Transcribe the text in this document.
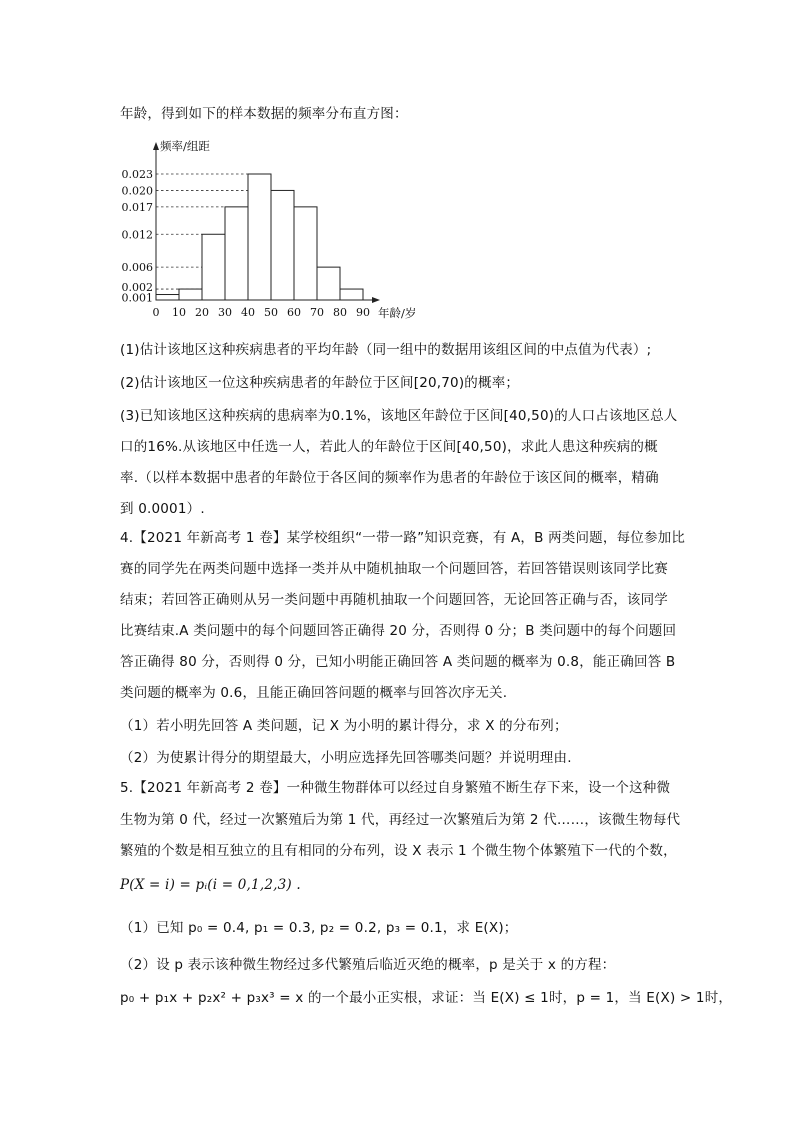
年龄，得到如下的样本数据的频率分布直方图：
0.001
0.002
0.006
0.012
0.017
0.020
0.023
0 10 20 30 40 50 60 70 80 90
频率/组距
年龄/岁
(1)估计该地区这种疾病患者的平均年龄（同一组中的数据用该组区间的中点值为代表）;
(2)估计该地区一位这种疾病患者的年龄位于区间[20,70)的概率；
(3)已知该地区这种疾病的患病率为0.1%，该地区年龄位于区间[40,50)的人口占该地区总人
口的16%.从该地区中任选一人，若此人的年龄位于区间[40,50)，求此人患这种疾病的概
率.（以样本数据中患者的年龄位于各区间的频率作为患者的年龄位于该区间的概率，精确
到 0.0001）.
4.【2021 年新高考 1 卷】某学校组织“一带一路”知识竞赛，有 A，B 两类问题，每位参加比
赛的同学先在两类问题中选择一类并从中随机抽取一个问题回答，若回答错误则该同学比赛
结束；若回答正确则从另一类问题中再随机抽取一个问题回答，无论回答正确与否，该同学
比赛结束.A 类问题中的每个问题回答正确得 20 分，否则得 0 分；B 类问题中的每个问题回
答正确得 80 分，否则得 0 分，已知小明能正确回答 A 类问题的概率为 0.8，能正确回答 B
类问题的概率为 0.6，且能正确回答问题的概率与回答次序无关.
（1）若小明先回答 A 类问题，记 X 为小明的累计得分，求 X 的分布列；
（2）为使累计得分的期望最大，小明应选择先回答哪类问题？并说明理由.
5.【2021 年新高考 2 卷】一种微生物群体可以经过自身繁殖不断生存下来，设一个这种微
生物为第 0 代，经过一次繁殖后为第 1 代，再经过一次繁殖后为第 2 代……，该微生物每代
繁殖的个数是相互独立的且有相同的分布列，设 X 表示 1 个微生物个体繁殖下一代的个数，
P(X = i) = pᵢ(i = 0,1,2,3) .
（1）已知 p₀ = 0.4, p₁ = 0.3, p₂ = 0.2, p₃ = 0.1，求 E(X)；
（2）设 p 表示该种微生物经过多代繁殖后临近灭绝的概率，p 是关于 x 的方程：
p₀ + p₁x + p₂x² + p₃x³ = x 的一个最小正实根，求证：当 E(X) ≤ 1时，p = 1，当 E(X) > 1时，
